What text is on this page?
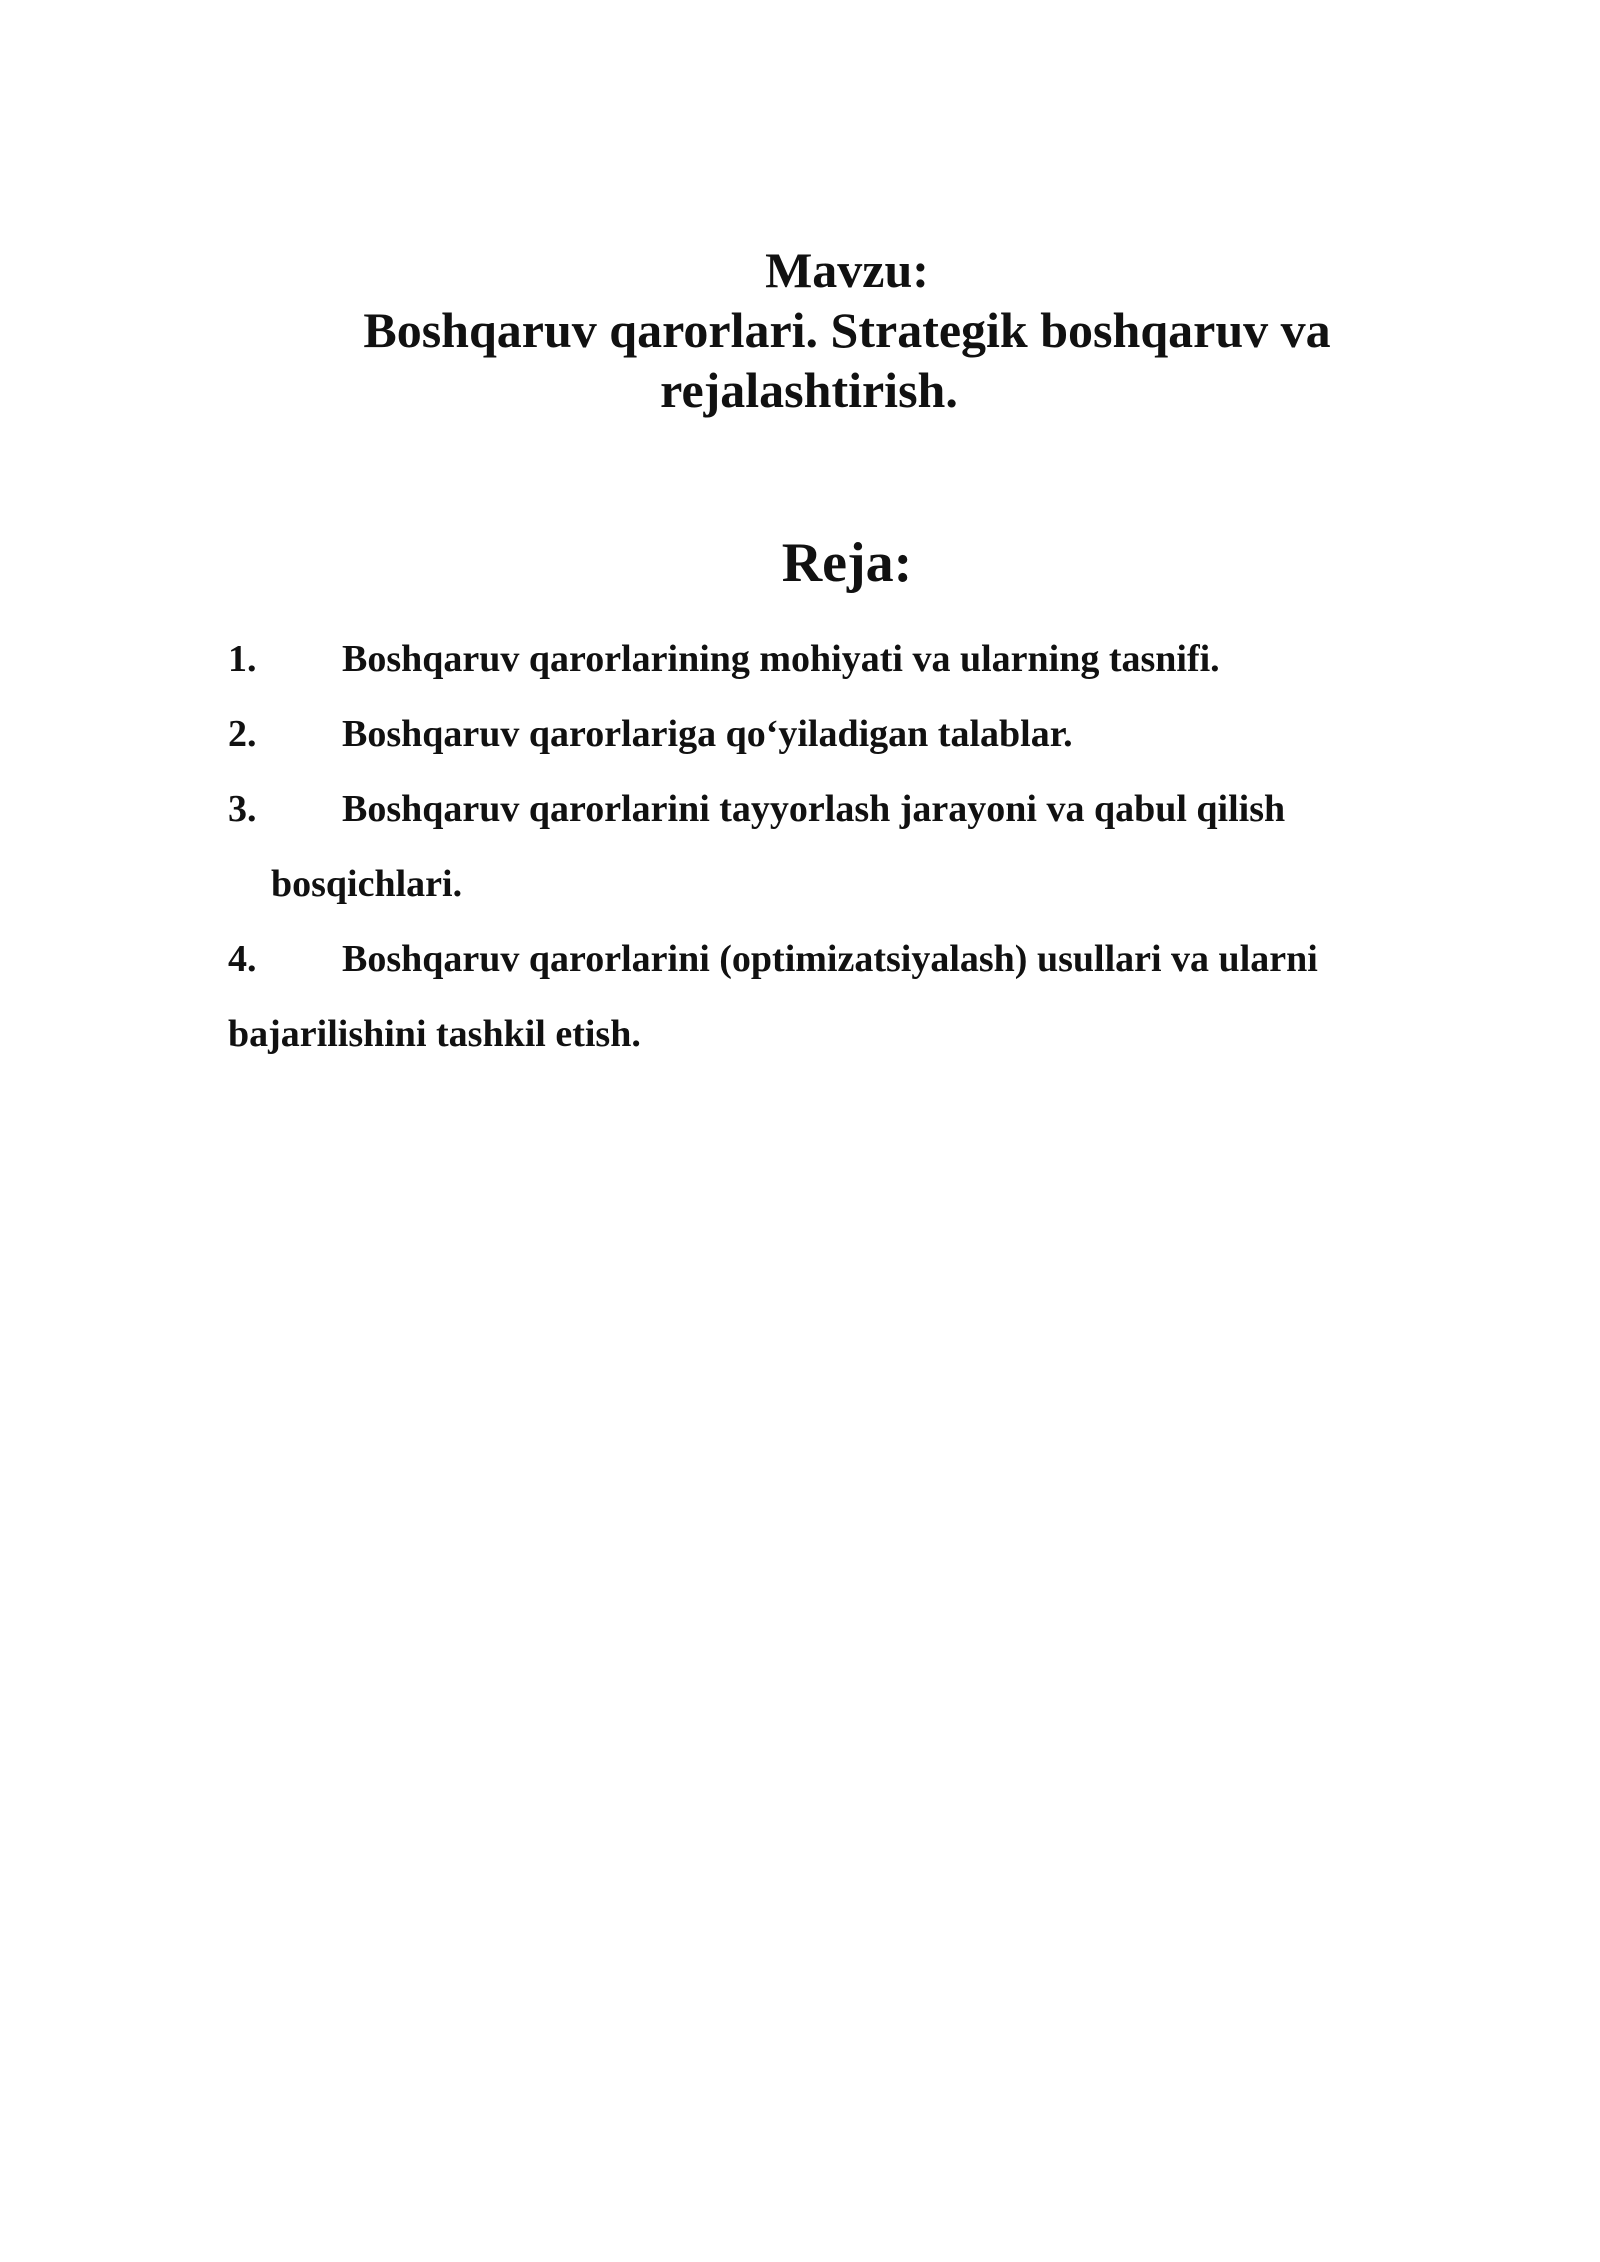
Mavzu:
Boshqaruv qarorlari. Strategik boshqaruv va
rejalashtirish.
Reja:
1. Boshqaruv qarorlarining mohiyati va ularning tasnifi.
2. Boshqaruv qarorlariga qo‘yiladigan talablar.
3. Boshqaruv qarorlarini tayyorlash jarayoni va qabul qilish
bosqichlari.
4. Boshqaruv qarorlarini (optimizatsiyalash) usullari va ularni
bajarilishini tashkil etish.
